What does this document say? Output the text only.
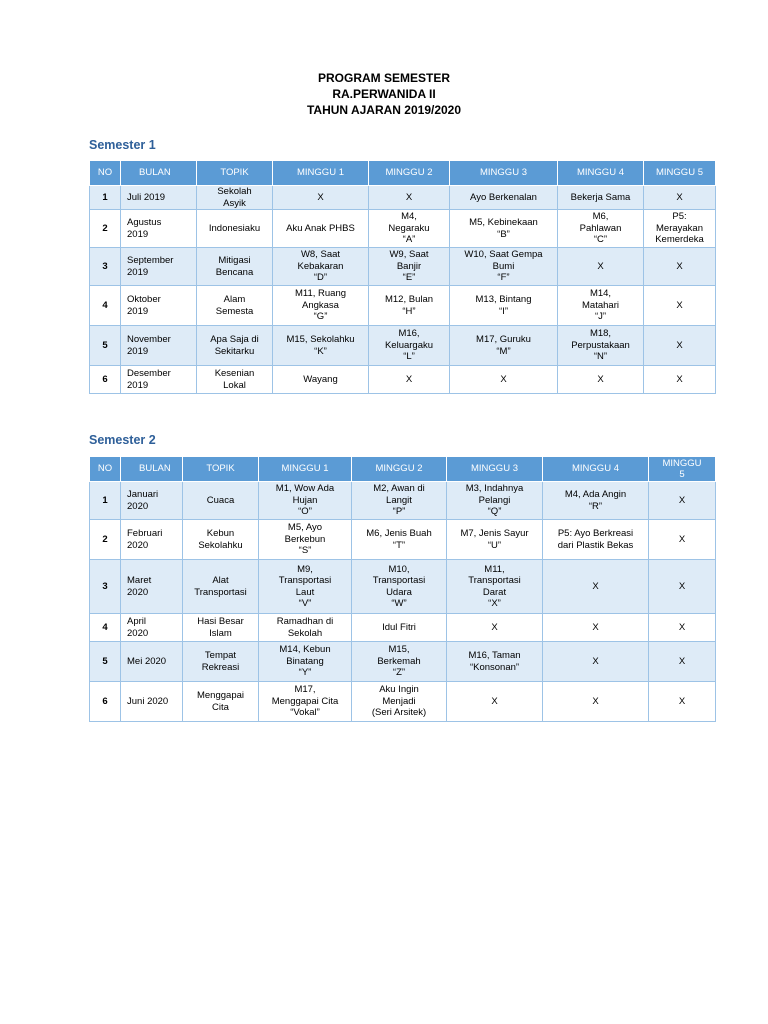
PROGRAM SEMESTER
RA.PERWANIDA II
TAHUN AJARAN 2019/2020
Semester 1
NO	BULAN	TOPIK	MINGGU 1	MINGGU 2	MINGGU 3	MINGGU 4	MINGGU 5

1	Juli 2019	Sekolah
Asyik	X	X	Ayo Berkenalan	Bekerja Sama	X

2	Agustus
2019	Indonesiaku	Aku Anak PHBS	M4,
Negaraku
“A”	M5, Kebinekaan
“B”	M6,
Pahlawan
“C”	P5:
Merayakan
Kemerdeka

3	September
2019	Mitigasi
Bencana	W8, Saat
Kebakaran
“D”	W9, Saat
Banjir
“E”	W10, Saat Gempa
Bumi
“F”	X	X

4	Oktober
2019	Alam
Semesta	M11, Ruang
Angkasa
“G”	M12, Bulan
“H”	M13, Bintang
“I”	M14,
Matahari
“J”	X

5	November
2019	Apa Saja di
Sekitarku	M15, Sekolahku
“K”	M16,
Keluargaku
“L”	M17, Guruku
“M”	M18,
Perpustakaan
“N”	X

6	Desember
2019	Kesenian
Lokal	Wayang	X	X	X	X
Semester 2
NO	BULAN	TOPIK	MINGGU 1	MINGGU 2	MINGGU 3	MINGGU 4	MINGGU
5

1	Januari
2020	Cuaca	M1, Wow Ada
Hujan
“O”	M2, Awan di
Langit
“P”	M3, Indahnya
Pelangi
“Q”	M4, Ada Angin
“R”	X

2	Februari
2020	Kebun
Sekolahku	M5, Ayo
Berkebun
“S”	M6, Jenis Buah
“T”	M7, Jenis Sayur
“U”	P5: Ayo Berkreasi
dari Plastik Bekas	X

3	Maret
2020	Alat
Transportasi	M9,
Transportasi
Laut
“V”	M10,
Transportasi
Udara
“W”	M11,
Transportasi
Darat
“X”	X	X

4	April
2020	Hasi Besar
Islam	Ramadhan di
Sekolah	Idul Fitri	X	X	X

5	Mei 2020	Tempat
Rekreasi	M14, Kebun
Binatang
“Y”	M15,
Berkemah
“Z”	M16, Taman
“Konsonan”	X	X

6	Juni 2020	Menggapai
Cita	M17,
Menggapai Cita
“Vokal”	Aku Ingin
Menjadi
(Seri Arsitek)	X	X	X
